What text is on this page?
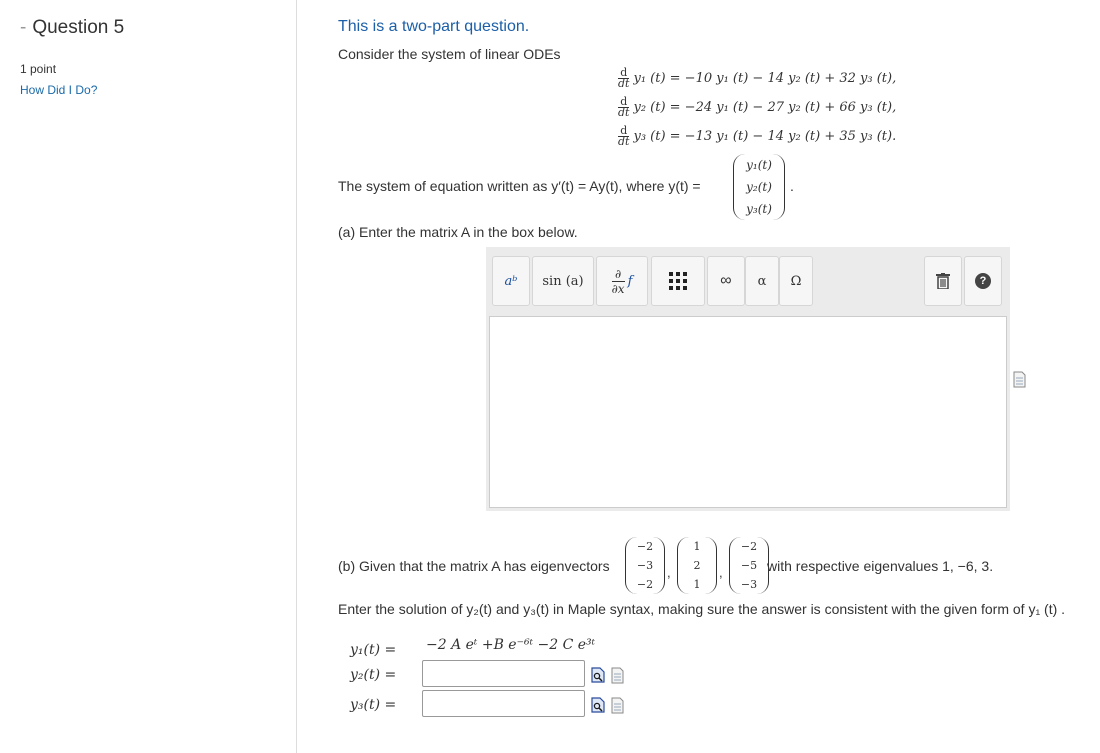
- Question 5
1 point
How Did I Do?
This is a two-part question.
Consider the system of linear ODEs
$\frac{d}{dt} y_1$ (t) = −10 y₁ (t) − 14 y₂ (t) + 32 y₃ (t),
$\frac{d}{dt} y_2$ (t) = −24 y₁ (t) − 27 y₂ (t) + 66 y₃ (t),
$\frac{d}{dt} y_3$ (t) = −13 y₁ (t) − 14 y₂ (t) + 35 y₃ (t).
The system of equation written as y′(t) = Ay(t), where y(t) =
y₁(t)
y₂(t)
y₃(t)
.
(a) Enter the matrix A in the box below.
aᵇ sin (a)	∂
∂x f	∞ α Ω	?
(b) Given that the matrix A has eigenvectors
−2
−3
−2
,
1
2
1
,
−2
−5
−3
with respective eigenvalues 1, −6, 3.
Enter the solution of y₂(t) and y₃(t) in Maple syntax, making sure the answer is consistent with the given form of y₁ (t) .
y₁(t) = −2 A eᵗ +B e⁻⁶ᵗ −2 C e³ᵗ
y₂(t) =
y₃(t) =
